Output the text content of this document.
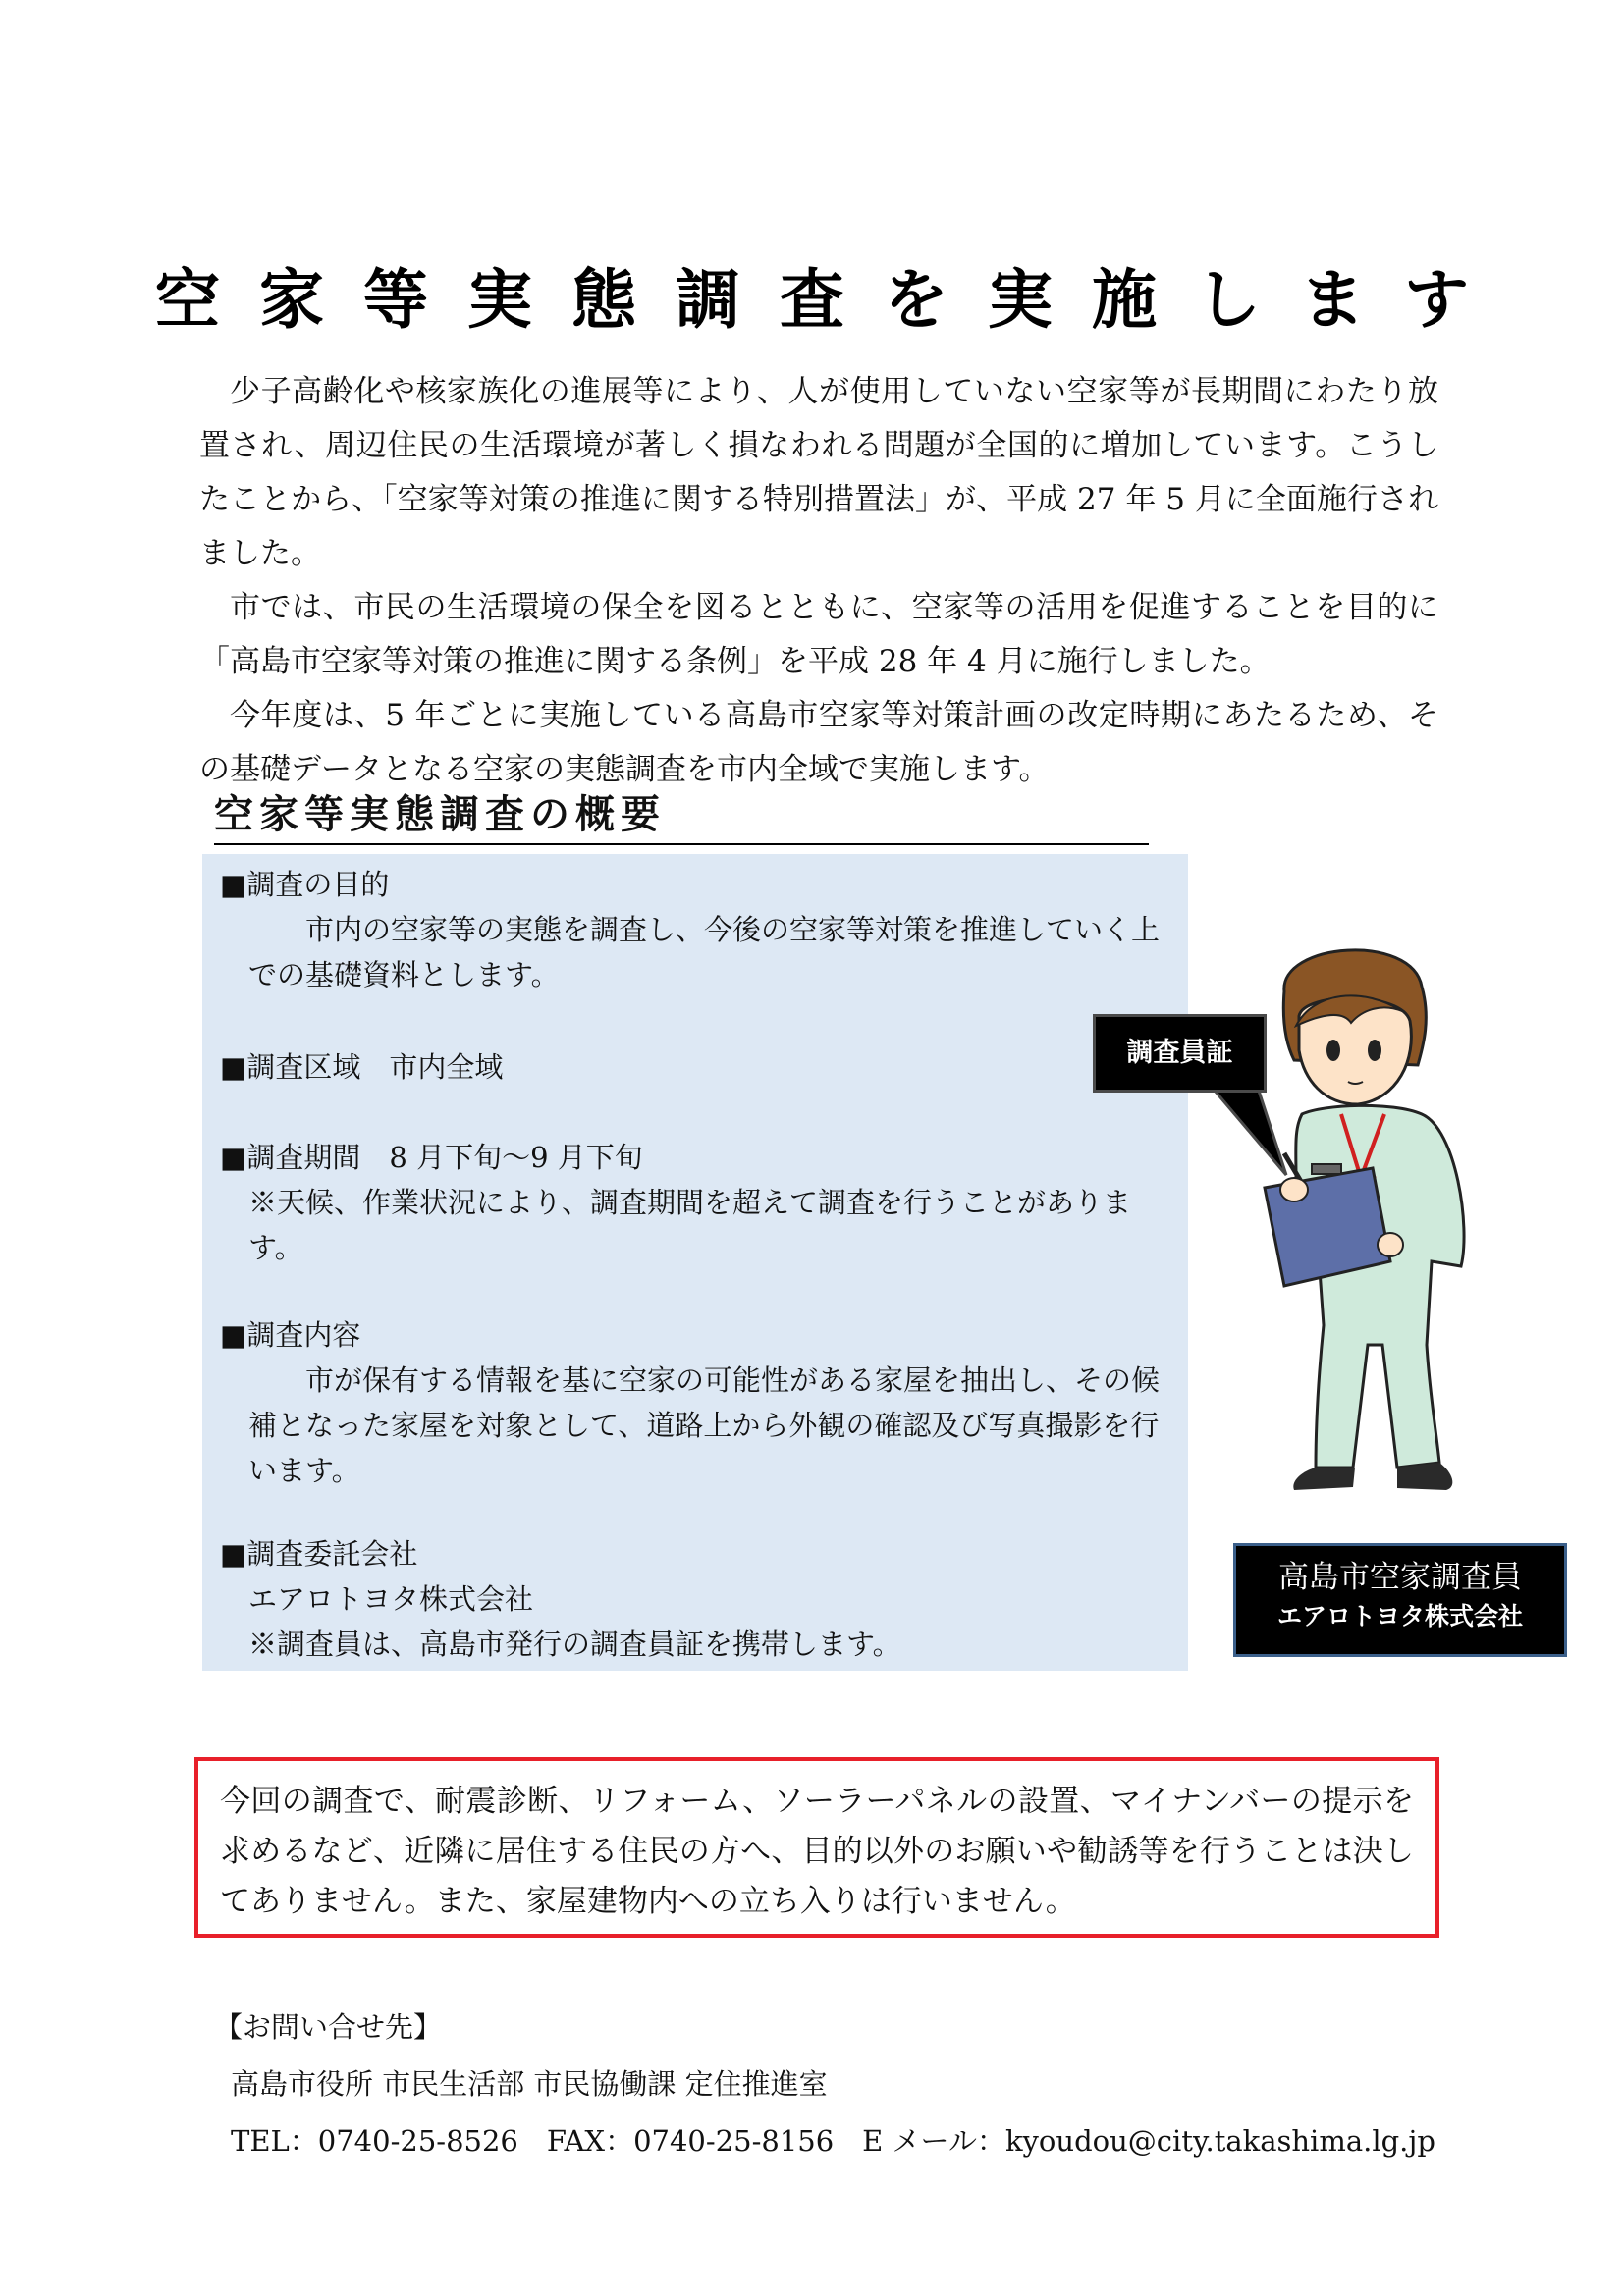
空家等実態調査を実施します

少子高齢化や核家族化の進展等により、人が使用していない空家等が長期間にわたり放置され、周辺住民の生活環境が著しく損なわれる問題が全国的に増加しています。こうしたことから、「空家等対策の推進に関する特別措置法」が、平成 27 年 5 月に全面施行されました。

市では、市民の生活環境の保全を図るとともに、空家等の活用を促進することを目的に「高島市空家等対策の推進に関する条例」を平成 28 年 4 月に施行しました。

今年度は、5 年ごとに実施している高島市空家等対策計画の改定時期にあたるため、その基礎データとなる空家の実態調査を市内全域で実施します。

空家等実態調査の概要
■調査の目的
市内の空家等の実態を調査し、今後の空家等対策を推進していく上での基礎資料とします。
■調査区域　市内全域
■調査期間　8 月下旬～9 月下旬
※天候、作業状況により、調査期間を超えて調査を行うことがあります。
■調査内容
市が保有する情報を基に空家の可能性がある家屋を抽出し、その候補となった家屋を対象として、道路上から外観の確認及び写真撮影を行います。
■調査委託会社
エアロトヨタ株式会社
※調査員は、高島市発行の調査員証を携帯します。
調査員証
高島市空家調査員
エアロトヨタ株式会社
今回の調査で、耐震診断、リフォーム、ソーラーパネルの設置、マイナンバーの提示を求めるなど、近隣に居住する住民の方へ、目的以外のお願いや勧誘等を行うことは決してありません。また、家屋建物内への立ち入りは行いません。
【お問い合せ先】
高島市役所 市民生活部 市民協働課 定住推進室
TEL：0740-25-8526　FAX：0740-25-8156　E メール：kyoudou@city.takashima.lg.jp
